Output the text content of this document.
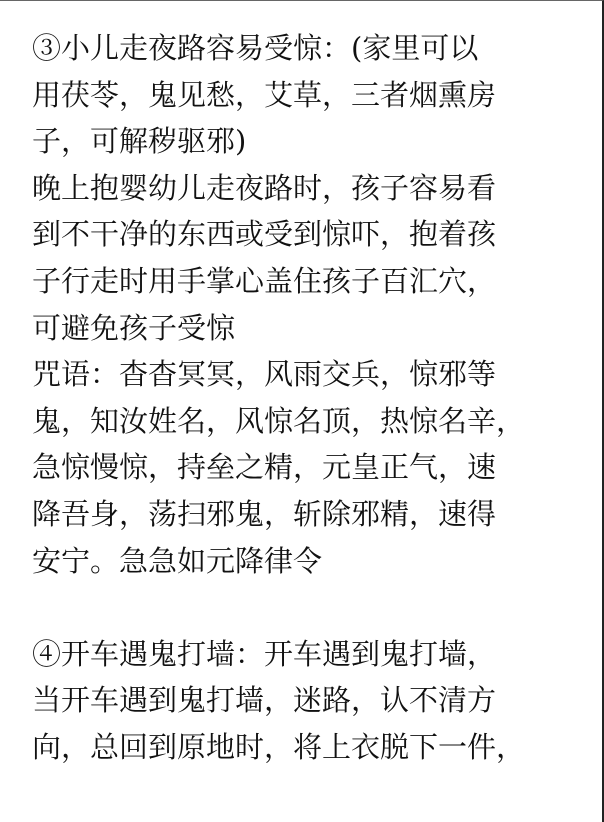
③小儿走夜路容易受惊：(家里可以
用茯苓，鬼见愁，艾草，三者烟熏房
子，可解秽驱邪)
晚上抱婴幼儿走夜路时，孩子容易看
到不干净的东西或受到惊吓，抱着孩
子行走时用手掌心盖住孩子百汇穴，
可避免孩子受惊
咒语：杳杳冥冥，风雨交兵，惊邪等
鬼，知汝姓名，风惊名顶，热惊名辛，
急惊慢惊，持垒之精，元皇正气，速
降吾身，荡扫邪鬼，斩除邪精，速得
安宁。急急如元降律令
④开车遇鬼打墙：开车遇到鬼打墙，
当开车遇到鬼打墙，迷路，认不清方
向，总回到原地时，将上衣脱下一件，
